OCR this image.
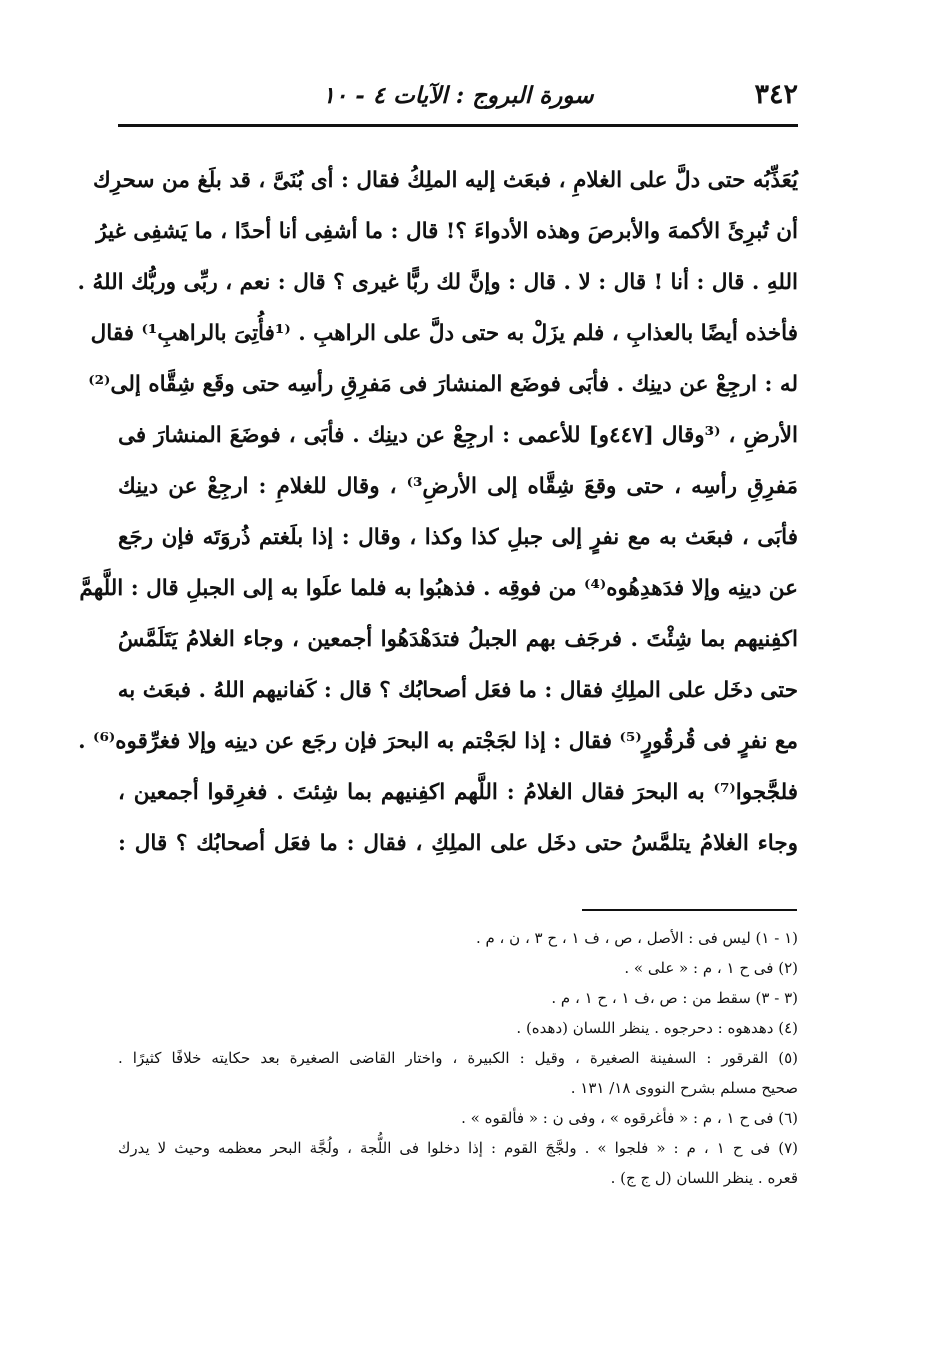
٣٤٢
سورة البروج : الآيات ٤ - ١٠
يُعَذِّبُه حتى دلَّ على الغلامِ ، فبعَث إليه الملِكُ فقال : أى بُنَىَّ ، قد بلَغ من سحرِك
أن تُبرِئَ الأكمهَ والأبرصَ وهذه الأدواءَ ؟! قال : ما أشفِى أنا أحدًا ، ما يَشفِى غيرُ
اللهِ . قال : أنا ! قال : لا . قال : وإنَّ لك ربًّا غيرى ؟ قال : نعم ، ربِّى وربُّك اللهُ .
فأخذه أيضًا بالعذابِ ، فلم يزَلْ به حتى دلَّ على الراهبِ . ⁽¹فأُتِىَ بالراهبِ¹⁾ فقال
له : ارجِعْ عن دينِك . فأبَى فوضَع المنشارَ فى مَفرِقِ رأسِه حتى وقَع شِقَّاه إلى⁽²⁾
الأرضِ ، ⁽³وقال [٤٤٧و] للأعمى : ارجِعْ عن دينِك . فأبَى ، فوضَعَ المنشارَ فى
مَفرِقِ رأسِه ، حتى وقعَ شِقَّاه إلى الأرضِ³⁾ ، وقال للغلامِ : ارجِعْ عن دينِك
فأبَى ، فبعَث به مع نفرٍ إلى جبلِ كذا وكذا ، وقال : إذا بلَغتم ذُروَتَه فإن رجَع
عن دينِه وإلا فدَهدِهُوه⁽⁴⁾ من فوقِه . فذهبُوا به فلما علَوا به إلى الجبلِ قال : اللَّهمَّ
اكفِنيهم بما شِئْتَ . فرجَف بهم الجبلُ فتدَهْدَهُوا أجمعين ، وجاء الغلامُ يَتَلَمَّسُ
حتى دخَل على الملِكِ فقال : ما فعَل أصحابُك ؟ قال : كَفانيهم اللهُ . فبعَث به
مع نفرٍ فى قُرقُورٍ⁽⁵⁾ فقال : إذا لجَجْتم به البحرَ فإن رجَع عن دينِه وإلا فغرِّقوه⁽⁶⁾ .
فلجَّجوا⁽⁷⁾ به البحرَ فقال الغلامُ : اللَّهم اكفِنيهم بما شِئتَ . فغرِقوا أجمعين ،
وجاء الغلامُ يتلمَّسُ حتى دخَل على الملِكِ ، فقال : ما فعَل أصحابُك ؟ قال :
(١ - ١) ليس فى : الأصل ، ص ، ف ١ ، ح ٣ ، ن ، م .
(٢) فى ح ١ ، م : « على » .
(٣ - ٣) سقط من : ص ،ف ١ ، ح ١ ، م .
(٤) دهدهوه : دحرجوه . ينظر اللسان (دهده) .
(٥) القرقور : السفينة الصغيرة ، وقيل : الكبيرة ، واختار القاضى الصغيرة بعد حكايته خلافًا كثيرًا .
صحيح مسلم بشرح النووى ١٨/ ١٣١ .
(٦) فى ح ١ ، م : « فأغرقوه » ، وفى ن : « فألقوه » .
(٧) فى ح ١ ، م : « فلجوا » . ولجَّجَ القوم : إذا دخلوا فى اللُّجة ، ولُجَّة البحر معظمه وحيث لا يدرك
قعره . ينظر اللسان (ل ج ج) .
